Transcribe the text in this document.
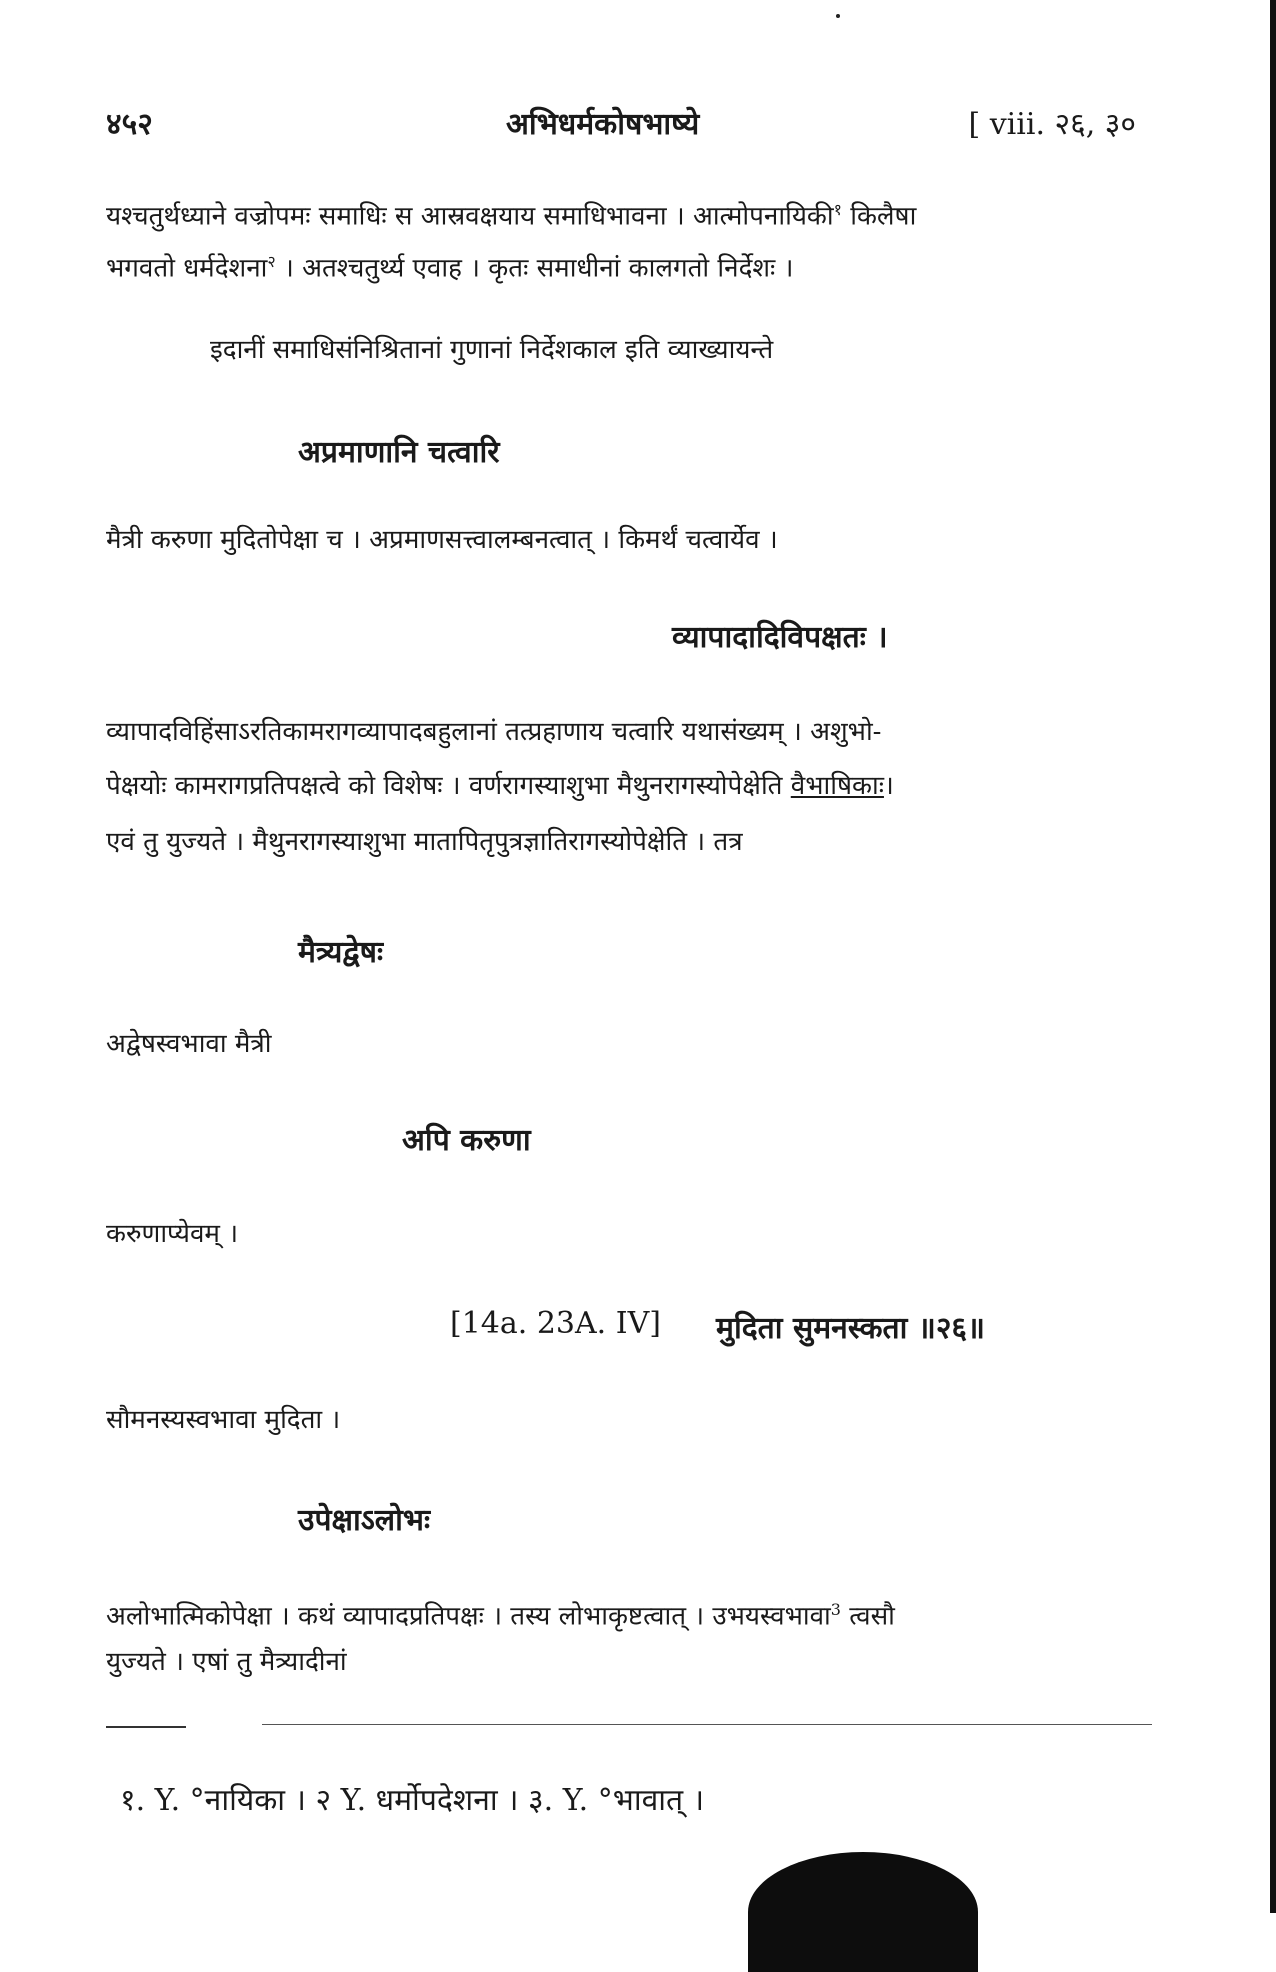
४५२	अभिधर्मकोषभाष्ये	[ viii. २६, ३०
यश्चतुर्थध्याने वज्रोपमः समाधिः स आस्रवक्षयाय समाधिभावना । आत्मोपनायिकी$^१$ किलैषा
भगवतो धर्मदेशना$^२$ । अतश्चतुर्थ्य एवाह । कृतः समाधीनां कालगतो निर्देशः ।
इदानीं समाधिसंनिश्रितानां गुणानां निर्देशकाल इति व्याख्यायन्ते
अप्रमाणानि चत्वारि
मैत्री करुणा मुदितोपेक्षा च । अप्रमाणसत्त्वालम्बनत्वात् । किमर्थं चत्वार्येव ।
व्यापादादिविपक्षतः ।
व्यापादविहिंसाऽरतिकामरागव्यापादबहुलानां तत्प्रहाणाय चत्वारि यथासंख्यम् । अशुभो-
पेक्षयोः कामरागप्रतिपक्षत्वे को विशेषः । वर्णरागस्याशुभा मैथुनरागस्योपेक्षेति वैभाषिकाः।
एवं तु युज्यते । मैथुनरागस्याशुभा मातापितृपुत्रज्ञातिरागस्योपेक्षेति । तत्र
मैत्र्यद्वेषः
अद्वेषस्वभावा मैत्री
अपि करुणा
करुणाप्येवम् ।
[14a. 23A. IV] मुदिता सुमनस्कता ॥२६॥
सौमनस्यस्वभावा मुदिता ।
उपेक्षाऽलोभः
अलोभात्मिकोपेक्षा । कथं व्यापादप्रतिपक्षः । तस्य लोभाकृष्टत्वात् । उभयस्वभावा$^3$ त्वसौ
युज्यते । एषां तु मैत्र्यादीनां
१. Y. °नायिका । २ Y. धर्मोपदेशना । ३. Y. °भावात् ।
